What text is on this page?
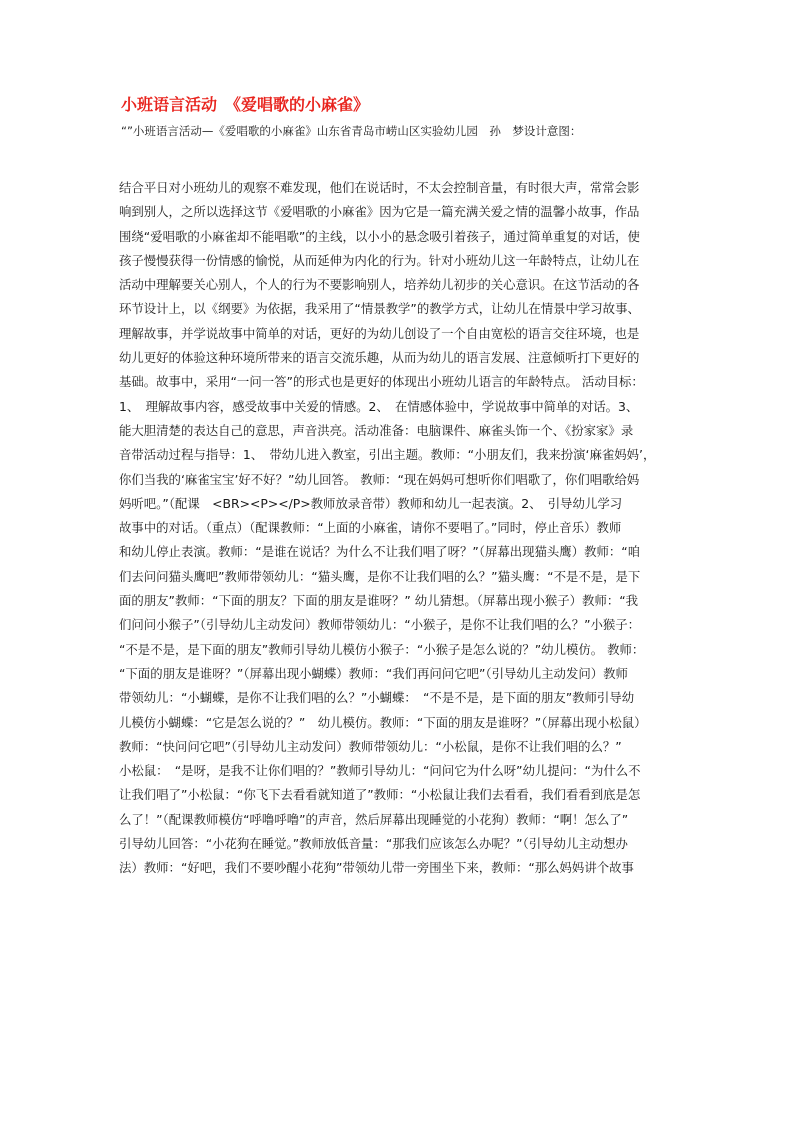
小班语言活动　《爱唱歌的小麻雀》
“”小班语言活动—《爱唱歌的小麻雀》山东省青岛市崂山区实验幼儿园　孙　梦设计意图：
结合平日对小班幼儿的观察不难发现，他们在说话时，不太会控制音量，有时很大声，常常会影
响到别人，之所以选择这节《爱唱歌的小麻雀》因为它是一篇充满关爱之情的温馨小故事，作品
围绕“爱唱歌的小麻雀却不能唱歌”的主线，以小小的悬念吸引着孩子，通过简单重复的对话，使
孩子慢慢获得一份情感的愉悦，从而延伸为内化的行为。针对小班幼儿这一年龄特点，让幼儿在
活动中理解要关心别人，个人的行为不要影响别人，培养幼儿初步的关心意识。在这节活动的各
环节设计上，以《纲要》为依据，我采用了“情景教学”的教学方式，让幼儿在情景中学习故事、
理解故事，并学说故事中简单的对话，更好的为幼儿创设了一个自由宽松的语言交往环境，也是
幼儿更好的体验这种环境所带来的语言交流乐趣，从而为幼儿的语言发展、注意倾听打下更好的
基础。故事中，采用“一问一答”的形式也是更好的体现出小班幼儿语言的年龄特点。 活动目标：
1、　理解故事内容，感受故事中关爱的情感。2、　在情感体验中，学说故事中简单的对话。3、
能大胆清楚的表达自己的意思，声音洪亮。活动准备：电脑课件、麻雀头饰一个、《扮家家》录
音带活动过程与指导：1、　带幼儿进入教室，引出主题。教师：“小朋友们，我来扮演‘麻雀妈妈’，
你们当我的‘麻雀宝宝’好不好？”幼儿回答。 教师：“现在妈妈可想听你们唱歌了，你们唱歌给妈
妈听吧。”（配课　<BR><P></P>教师放录音带）教师和幼儿一起表演。2、　引导幼儿学习
故事中的对话。（重点）（配课教师：“上面的小麻雀，请你不要唱了。”同时，停止音乐）教师
和幼儿停止表演。教师：“是谁在说话？为什么不让我们唱了呀？”（屏幕出现猫头鹰）教师：“咱
们去问问猫头鹰吧”教师带领幼儿：“猫头鹰，是你不让我们唱的么？”猫头鹰：“不是不是，是下
面的朋友”教师：“下面的朋友？下面的朋友是谁呀？” 幼儿猜想。（屏幕出现小猴子）教师：“我
们问问小猴子”（引导幼儿主动发问）教师带领幼儿：“小猴子，是你不让我们唱的么？”小猴子：
“不是不是，是下面的朋友”教师引导幼儿模仿小猴子：“小猴子是怎么说的？”幼儿模仿。 教师：
“下面的朋友是谁呀？”（屏幕出现小蝴蝶）教师：“我们再问问它吧”（引导幼儿主动发问）教师
带领幼儿：“小蝴蝶，是你不让我们唱的么？”小蝴蝶：　“不是不是，是下面的朋友”教师引导幼
儿模仿小蝴蝶：“它是怎么说的？”　幼儿模仿。教师：“下面的朋友是谁呀？”（屏幕出现小松鼠）
教师：“快问问它吧”（引导幼儿主动发问）教师带领幼儿：“小松鼠，是你不让我们唱的么？”
小松鼠：　“是呀，是我不让你们唱的？”教师引导幼儿：“问问它为什么呀”幼儿提问：“为什么不
让我们唱了”小松鼠：“你飞下去看看就知道了”教师：“小松鼠让我们去看看，我们看看到底是怎
么了！”（配课教师模仿“呼噜呼噜”的声音，然后屏幕出现睡觉的小花狗）教师：“啊！怎么了”
引导幼儿回答：“小花狗在睡觉。”教师放低音量：“那我们应该怎么办呢？”（引导幼儿主动想办
法）教师：“好吧，我们不要吵醒小花狗”带领幼儿带一旁围坐下来，教师：“那么妈妈讲个故事
